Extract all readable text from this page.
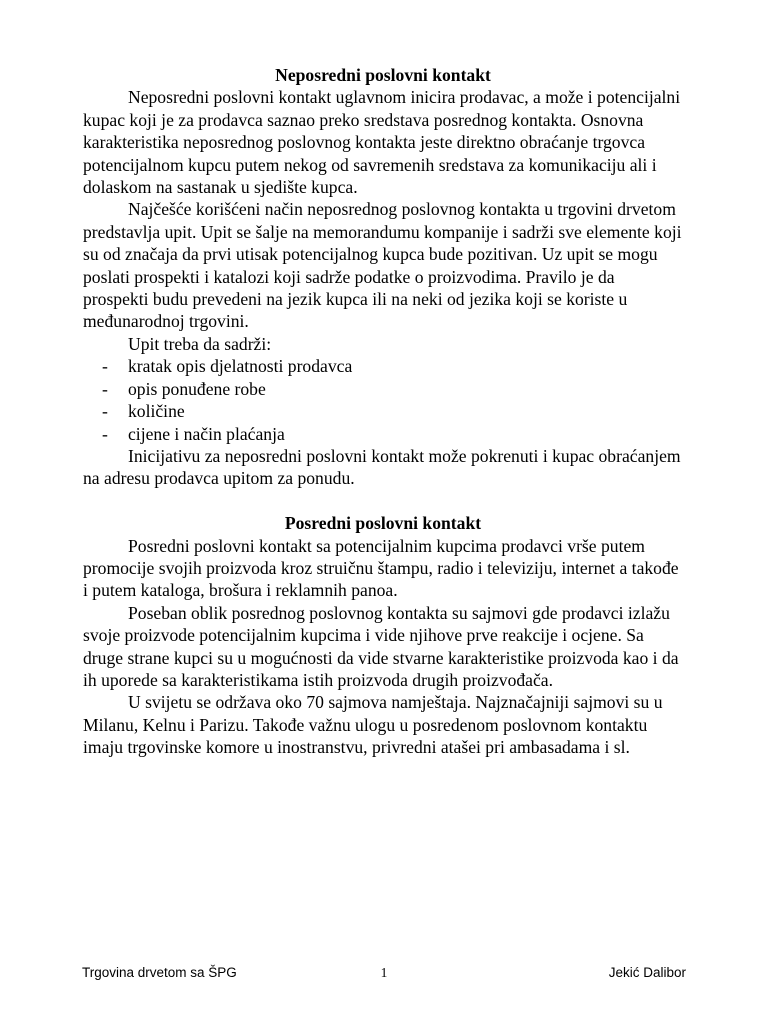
Neposredni poslovni kontakt

Neposredni poslovni kontakt uglavnom inicira prodavac, a može i potencijalni kupac koji je za prodavca saznao preko sredstava posrednog kontakta. Osnovna karakteristika neposrednog poslovnog kontakta jeste direktno obraćanje trgovca potencijalnom kupcu putem nekog od savremenih sredstava za komunikaciju ali i dolaskom na sastanak u sjedište kupca.

Najčešće korišćeni način neposrednog poslovnog kontakta u trgovini drvetom predstavlja upit. Upit se šalje na memorandumu kompanije i sadrži sve elemente koji su od značaja da prvi utisak potencijalnog kupca bude pozitivan. Uz upit se mogu poslati prospekti i katalozi koji sadrže podatke o proizvodima. Pravilo je da prospekti budu prevedeni na jezik kupca ili na neki od jezika koji se koriste u međunarodnoj trgovini.

Upit treba da sadrži:

- kratak opis djelatnosti prodavca
- opis ponuđene robe
- količine
- cijene i način plaćanja

Inicijativu za neposredni poslovni kontakt može pokrenuti i kupac obraćanjem na adresu prodavca upitom za ponudu.

Posredni poslovni kontakt

Posredni poslovni kontakt sa potencijalnim kupcima prodavci vrše putem promocije svojih proizvoda kroz struičnu štampu, radio i televiziju, internet a takođe i putem kataloga, brošura i reklamnih panoa.

Poseban oblik posrednog poslovnog kontakta su sajmovi gde prodavci izlažu svoje proizvode potencijalnim kupcima i vide njihove prve reakcije i ocjene. Sa druge strane kupci su u mogućnosti da vide stvarne karakteristike proizvoda kao i da ih uporede sa karakteristikama istih proizvoda drugih proizvođača.

U svijetu se održava oko 70 sajmova namještaja. Najznačajniji sajmovi su u Milanu, Kelnu i Parizu. Takođe važnu ulogu u posredenom poslovnom kontaktu imaju trgovinske komore u inostranstvu, privredni atašei pri ambasadama i sl.

Trgovina drvetom sa ŠPG	1	Jekić Dalibor
